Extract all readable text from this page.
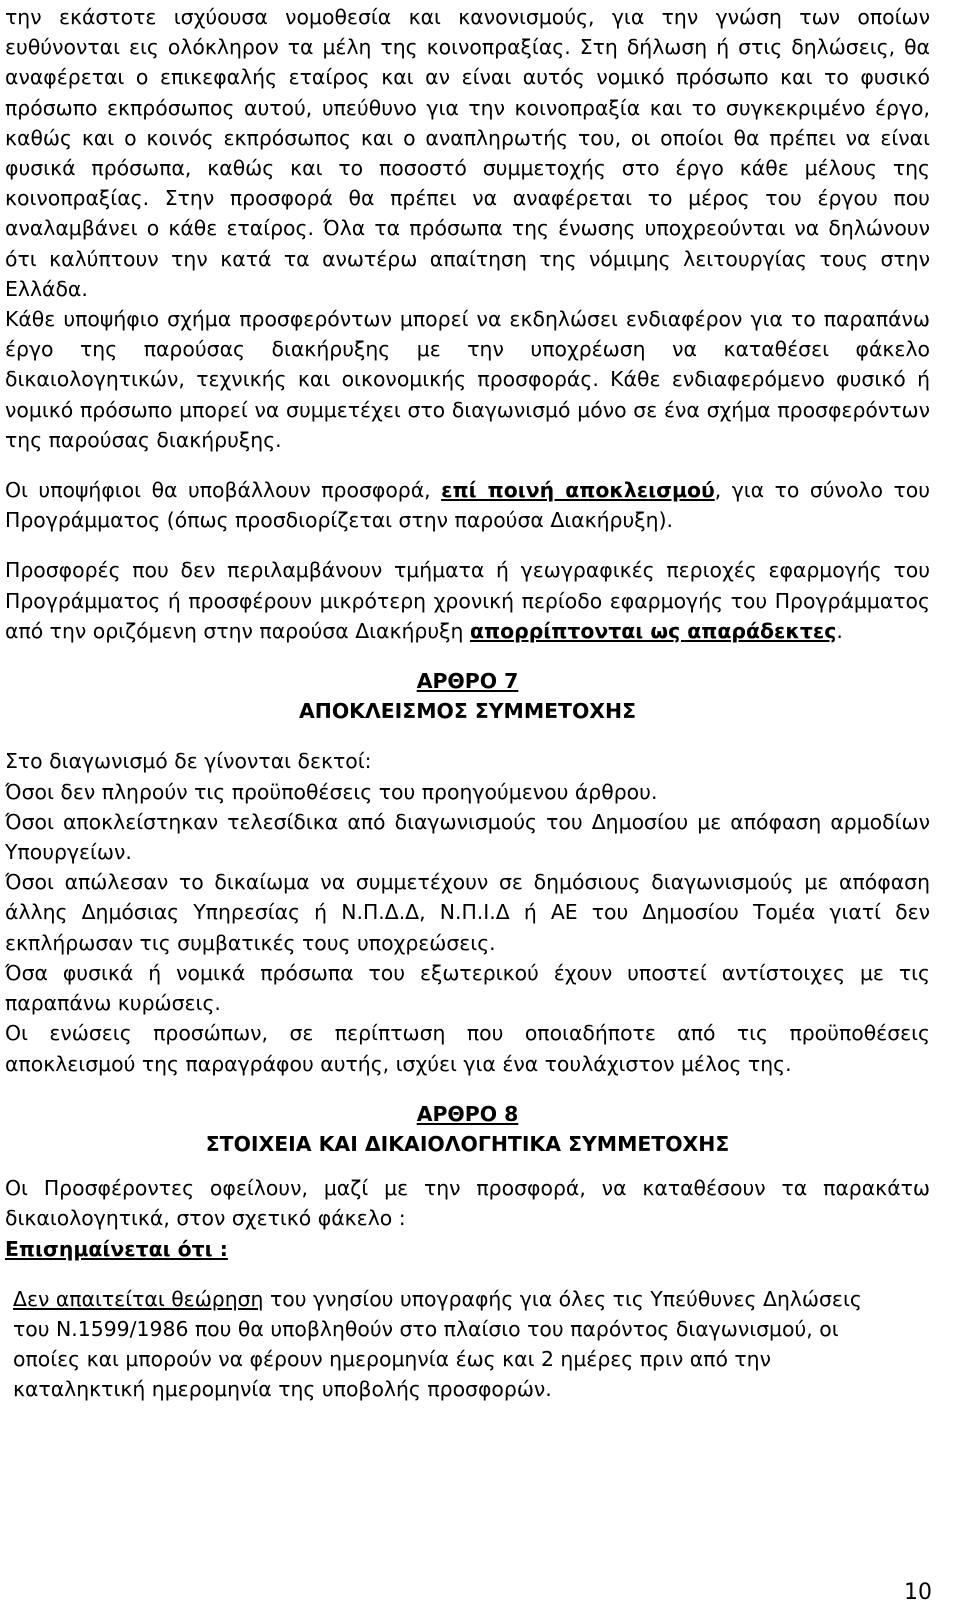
την εκάστοτε ισχύουσα νομοθεσία και κανονισμούς, για την γνώση των οποίων ευθύνονται εις ολόκληρον τα μέλη της κοινοπραξίας. Στη δήλωση ή στις δηλώσεις, θα αναφέρεται ο επικεφαλής εταίρος και αν είναι αυτός νομικό πρόσωπο και το φυσικό πρόσωπο εκπρόσωπος αυτού, υπεύθυνο για την κοινοπραξία και το συγκεκριμένο έργο, καθώς και ο κοινός εκπρόσωπος και ο αναπληρωτής του, οι οποίοι θα πρέπει να είναι φυσικά πρόσωπα, καθώς και το ποσοστό συμμετοχής στο έργο κάθε μέλους της κοινοπραξίας. Στην προσφορά θα πρέπει να αναφέρεται το μέρος του έργου που αναλαμβάνει ο κάθε εταίρος. Όλα τα πρόσωπα της ένωσης υποχρεούνται να δηλώνουν ότι καλύπτουν την κατά τα ανωτέρω απαίτηση της νόμιμης λειτουργίας τους στην Ελλάδα.

Κάθε υποψήφιο σχήμα προσφερόντων μπορεί να εκδηλώσει ενδιαφέρον για το παραπάνω έργο της παρούσας διακήρυξης με την υποχρέωση να καταθέσει φάκελο δικαιολογητικών, τεχνικής και οικονομικής προσφοράς. Κάθε ενδιαφερόμενο φυσικό ή νομικό πρόσωπο μπορεί να συμμετέχει στο διαγωνισμό μόνο σε ένα σχήμα προσφερόντων της παρούσας διακήρυξης.

Οι υποψήφιοι θα υποβάλλουν προσφορά, επί ποινή αποκλεισμού, για το σύνολο του Προγράμματος (όπως προσδιορίζεται στην παρούσα Διακήρυξη).

Προσφορές που δεν περιλαμβάνουν τμήματα ή γεωγραφικές περιοχές εφαρμογής του Προγράμματος ή προσφέρουν μικρότερη χρονική περίοδο εφαρμογής του Προγράμματος από την οριζόμενη στην παρούσα Διακήρυξη απορρίπτονται ως απαράδεκτες.

ΑΡΘΡΟ 7

ΑΠΟΚΛΕΙΣΜΟΣ ΣΥΜΜΕΤΟΧΗΣ

Στο διαγωνισμό δε γίνονται δεκτοί:

Όσοι δεν πληρούν τις προϋποθέσεις του προηγούμενου άρθρου.

Όσοι αποκλείστηκαν τελεσίδικα από διαγωνισμούς του Δημοσίου με απόφαση αρμοδίων Υπουργείων.

Όσοι απώλεσαν το δικαίωμα να συμμετέχουν σε δημόσιους διαγωνισμούς με απόφαση άλλης Δημόσιας Υπηρεσίας ή Ν.Π.Δ.Δ, Ν.Π.Ι.Δ ή ΑΕ του Δημοσίου Τομέα γιατί δεν εκπλήρωσαν τις συμβατικές τους υποχρεώσεις.

Όσα φυσικά ή νομικά πρόσωπα του εξωτερικού έχουν υποστεί αντίστοιχες με τις παραπάνω κυρώσεις.

Οι ενώσεις προσώπων, σε περίπτωση που οποιαδήποτε από τις προϋποθέσεις αποκλεισμού της παραγράφου αυτής, ισχύει για ένα τουλάχιστον μέλος της.

ΑΡΘΡΟ 8

ΣΤΟΙΧΕΙΑ ΚΑΙ ΔΙΚΑΙΟΛΟΓΗΤΙΚΑ ΣΥΜΜΕΤΟΧΗΣ

Οι Προσφέροντες οφείλουν, μαζί με την προσφορά, να καταθέσουν τα παρακάτω δικαιολογητικά, στον σχετικό φάκελο :

Επισημαίνεται ότι :

Δεν απαιτείται θεώρηση του γνησίου υπογραφής για όλες τις Υπεύθυνες Δηλώσεις του Ν.1599/1986 που θα υποβληθούν στο πλαίσιο του παρόντος διαγωνισμού, οι οποίες και μπορούν να φέρουν ημερομηνία έως και 2 ημέρες πριν από την καταληκτική ημερομηνία της υποβολής προσφορών.

10
